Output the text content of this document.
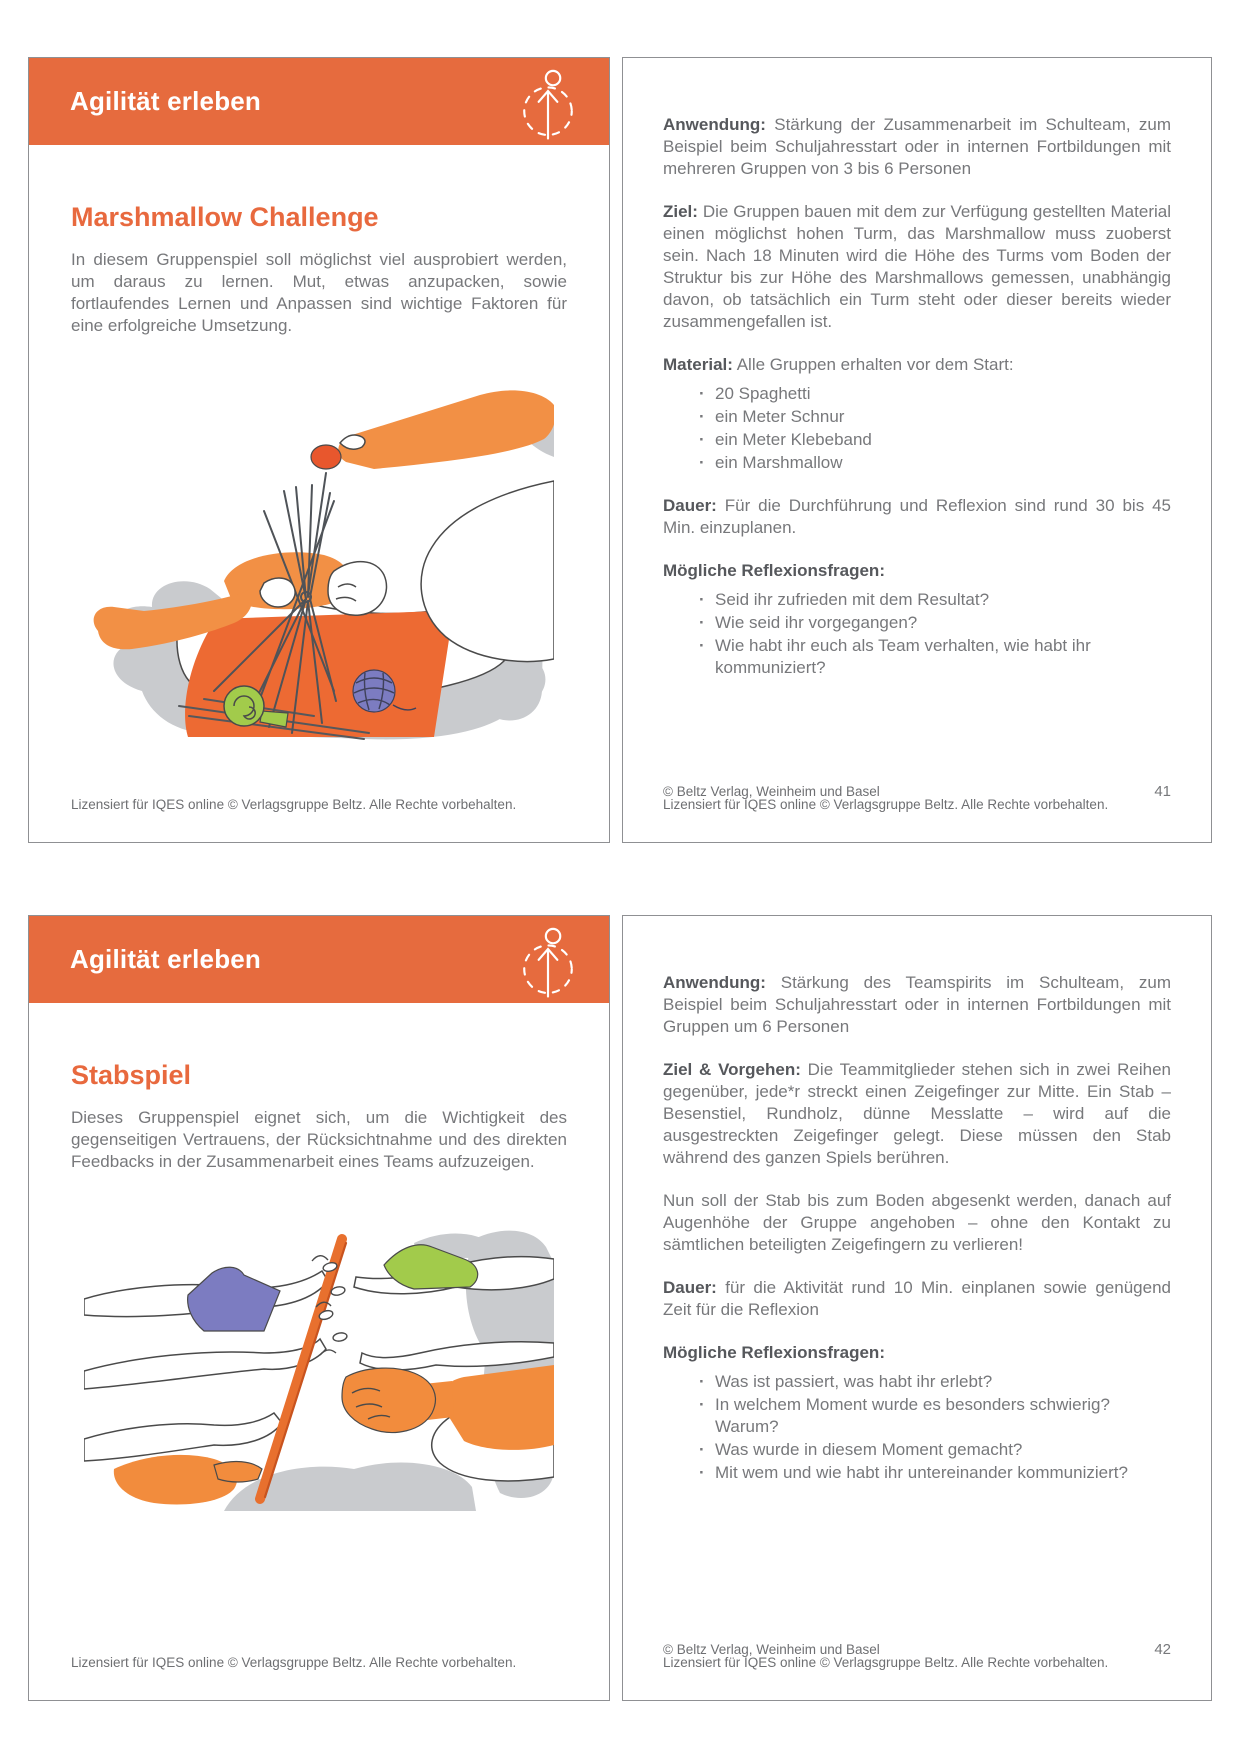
Agilität erleben
Marshmallow Challenge

In diesem Gruppenspiel soll möglichst viel ausprobiert werden, um daraus zu lernen. Mut, etwas anzupacken, sowie fortlaufendes Lernen und Anpassen sind wichtige Faktoren für eine erfolgreiche Umsetzung.

Lizensiert für IQES online © Verlagsgruppe Beltz. Alle Rechte vorbehalten.

Anwendung: Stärkung der Zusammenarbeit im Schulteam, zum Beispiel beim Schuljahresstart oder in internen Fortbildungen mit mehreren Gruppen von 3 bis 6 Personen

Ziel: Die Gruppen bauen mit dem zur Verfügung gestellten Material einen möglichst hohen Turm, das Marshmallow muss zuoberst sein. Nach 18 Minuten wird die Höhe des Turms vom Boden der Struktur bis zur Höhe des Marshmallows gemessen, unabhängig davon, ob tatsächlich ein Turm steht oder dieser bereits wieder zusammengefallen ist.

Material: Alle Gruppen erhalten vor dem Start:

·
20 Spaghetti
·
ein Meter Schnur
·
ein Meter Klebeband
·
ein Marshmallow

Dauer: Für die Durchführung und Reflexion sind rund 30 bis 45 Min. einzuplanen.

Mögliche Reflexionsfragen:

·
Seid ihr zufrieden mit dem Resultat?
·
Wie seid ihr vorgegangen?
·
Wie habt ihr euch als Team verhalten, wie habt ihr kommuniziert?
© Beltz Verlag, Weinheim und Basel	41

Lizensiert für IQES online © Verlagsgruppe Beltz. Alle Rechte vorbehalten.

Agilität erleben
Stabspiel

Dieses Gruppenspiel eignet sich, um die Wichtigkeit des gegenseitigen Vertrauens, der Rücksichtnahme und des direkten Feedbacks in der Zusammenarbeit eines Teams aufzuzeigen.

Lizensiert für IQES online © Verlagsgruppe Beltz. Alle Rechte vorbehalten.

Anwendung: Stärkung des Teamspirits im Schulteam, zum Beispiel beim Schuljahresstart oder in internen Fortbildungen mit Gruppen um 6 Personen

Ziel & Vorgehen: Die Teammitglieder stehen sich in zwei Reihen gegenüber, jede*r streckt einen Zeigefinger zur Mitte. Ein Stab – Besenstiel, Rundholz, dünne Messlatte – wird auf die ausgestreckten Zeigefinger gelegt. Diese müssen den Stab während des ganzen Spiels berühren.

Nun soll der Stab bis zum Boden abgesenkt werden, danach auf Augenhöhe der Gruppe angehoben – ohne den Kontakt zu sämtlichen beteiligten Zeigefingern zu verlieren!

Dauer: für die Aktivität rund 10 Min. einplanen sowie genügend Zeit für die Reflexion

Mögliche Reflexionsfragen:

·
Was ist passiert, was habt ihr erlebt?
·
In welchem Moment wurde es besonders schwierig? Warum?
·
Was wurde in diesem Moment gemacht?
·
Mit wem und wie habt ihr untereinander kommuniziert?
© Beltz Verlag, Weinheim und Basel	42

Lizensiert für IQES online © Verlagsgruppe Beltz. Alle Rechte vorbehalten.
